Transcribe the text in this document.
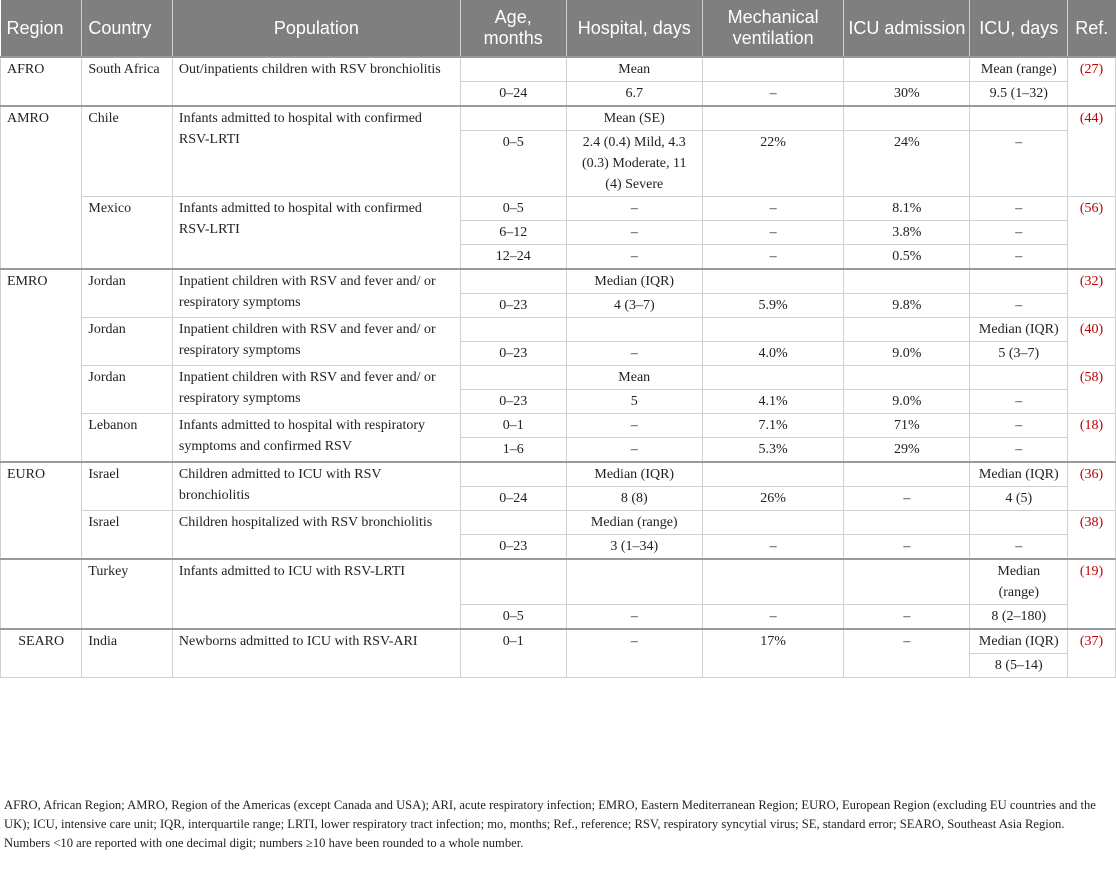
Region	Country	Population	Age, months	Hospital, days	Mechanical ventilation	ICU admission	ICU, days	Ref.
AFRO	South Africa	Out/inpatients children with RSV bronchiolitis		Mean			Mean (range)	(27)
			0–24	6.7	–	30%	9.5 (1–32)	
AMRO	Chile	Infants admitted to hospital with confirmed RSV-LRTI		Mean (SE)				(44)
			0–5	2.4 (0.4) Mild, 4.3 (0.3) Moderate, 11 (4) Severe	22%	24%	–	
	Mexico	Infants admitted to hospital with confirmed RSV-LRTI	0–5	–	–	8.1%	–	(56)
			6–12	–	–	3.8%	–	
			12–24	–	–	0.5%	–	
EMRO	Jordan	Inpatient children with RSV and fever and/ or respiratory symptoms		Median (IQR)				(32)
			0–23	4 (3–7)	5.9%	9.8%	–	
	Jordan	Inpatient children with RSV and fever and/ or respiratory symptoms					Median (IQR)	(40)
			0–23	–	4.0%	9.0%	5 (3–7)	
	Jordan	Inpatient children with RSV and fever and/ or respiratory symptoms		Mean				(58)
			0–23	5	4.1%	9.0%	–	
	Lebanon	Infants admitted to hospital with respiratory symptoms and confirmed RSV	0–1	–	7.1%	71%	–	(18)
			1–6	–	5.3%	29%	–	
EURO	Israel	Children admitted to ICU with RSV bronchiolitis		Median (IQR)			Median (IQR)	(36)
			0–24	8 (8)	26%	–	4 (5)	
	Israel	Children hospitalized with RSV bronchiolitis		Median (range)				(38)
			0–23	3 (1–34)	–	–	–	
	Turkey	Infants admitted to ICU with RSV-LRTI					Median (range)	(19)
			0–5	–	–	–	8 (2–180)	
SEARO	India	Newborns admitted to ICU with RSV-ARI	0–1	–	17%	–	Median (IQR)	(37)
							8 (5–14)	

AFRO, African Region; AMRO, Region of the Americas (except Canada and USA); ARI, acute respiratory infection; EMRO, Eastern Mediterranean Region; EURO, European Region (excluding EU countries and the UK); ICU, intensive care unit; IQR, interquartile range; LRTI, lower respiratory tract infection; mo, months; Ref., reference; RSV, respiratory syncytial virus; SE, standard error; SEARO, Southeast Asia Region.

Numbers <10 are reported with one decimal digit; numbers ≥10 have been rounded to a whole number.
